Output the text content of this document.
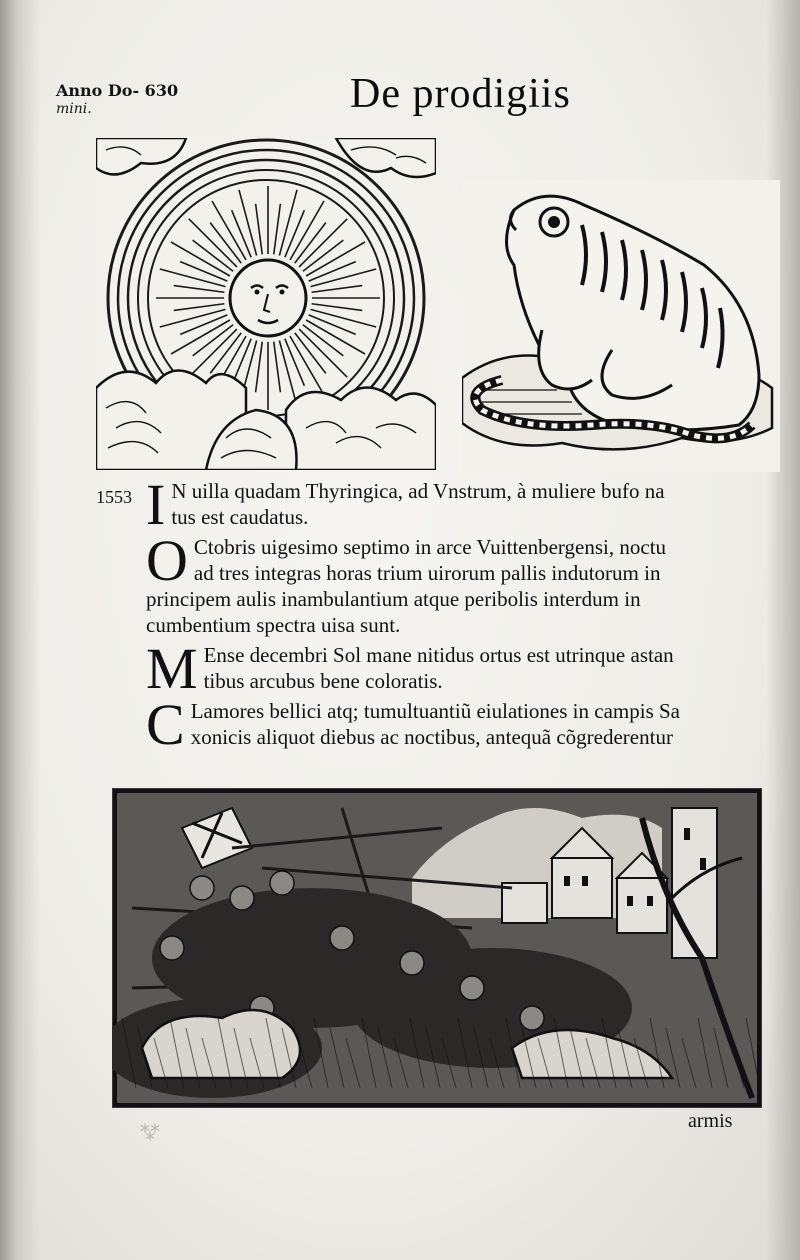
⁂
Anno Do- 630
mini.	De prodigiis
1553 I N uilla quadam Thyringica, ad Vnstrum, à muliere bufo na
tus est caudatus.
O Ctobris uigesimo septimo in arce Vuittenbergensi, noctu
ad tres integras horas trium uirorum pallis indutorum in
principem aulis inambulantium atque peribolis interdum in
cumbentium spectra uisa sunt.
M Ense decembri Sol mane nitidus ortus est utrinque astan
tibus arcubus bene coloratis.
C Lamores bellici atq; tumultuantiũ eiulationes in campis Sa
xonicis aliquot diebus ac noctibus, antequã cõgrederentur
armis
